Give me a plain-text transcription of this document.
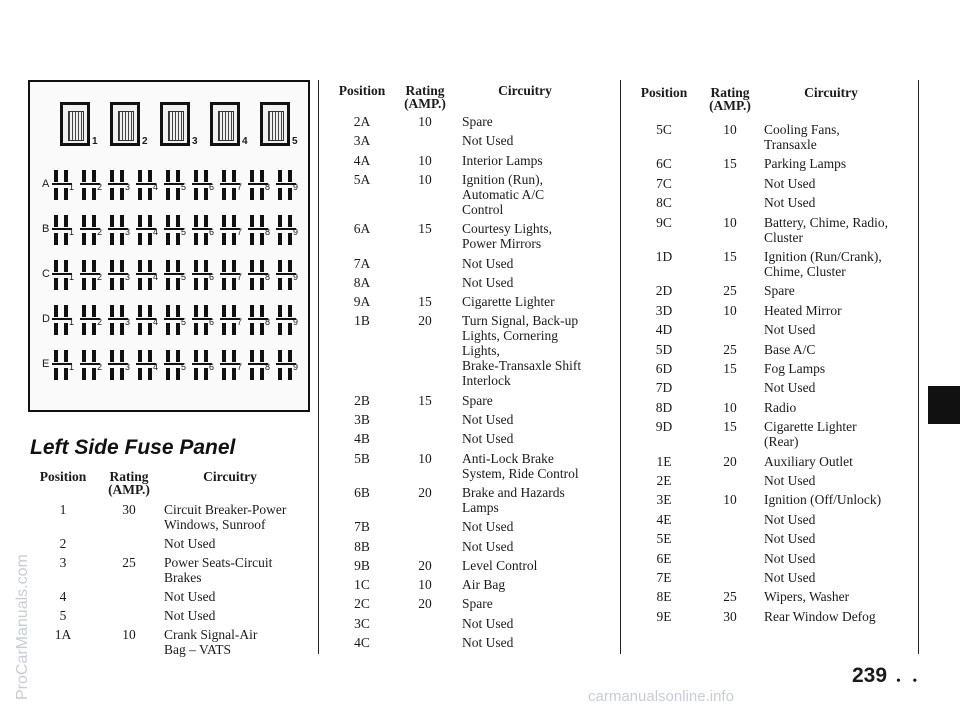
ProCarManuals.com
1	2	3	4	5
A 1	2	3	4	5	6	7	8	9
B 1	2	3	4	5	6	7	8	9
C 1	2	3	4	5	6	7	8	9
D 1	2	3	4	5	6	7	8	9
E 1	2	3	4	5	6	7	8	9
Left Side Fuse Panel
Position	Rating
(AMP.)
Circuitry
1	30	Circuit Breaker-Power
Windows, Sunroof
2	Not Used
3	25	Power Seats-Circuit
Brakes
4	Not Used
5	Not Used
1A	10	Crank Signal-Air
Bag – VATS
Position	Rating
(AMP.)
Circuitry
2A	10	Spare
3A	Not Used
4A	10	Interior Lamps
5A	10	Ignition (Run),
Automatic A/C
Control
6A	15	Courtesy Lights,
Power Mirrors
7A	Not Used
8A	Not Used
9A	15	Cigarette Lighter
1B	20	Turn Signal, Back-up
Lights, Cornering
Lights,
Brake-Transaxle Shift
Interlock
2B	15	Spare
3B	Not Used
4B	Not Used
5B	10	Anti-Lock Brake
System, Ride Control
6B	20	Brake and Hazards
Lamps
7B	Not Used
8B	Not Used
9B	20	Level Control
1C	10	Air Bag
2C	20	Spare
3C	Not Used
4C	Not Used
Position	Rating
(AMP.)
Circuitry
5C	10	Cooling Fans,
Transaxle
6C	15	Parking Lamps
7C	Not Used
8C	Not Used
9C	10	Battery, Chime, Radio,
Cluster
1D	15	Ignition (Run/Crank),
Chime, Cluster
2D	25	Spare
3D	10	Heated Mirror
4D	Not Used
5D	25	Base A/C
6D	15	Fog Lamps
7D	Not Used
8D	10	Radio
9D	15	Cigarette Lighter
(Rear)
1E	20	Auxiliary Outlet
2E	Not Used
3E	10	Ignition (Off/Unlock)
4E	Not Used
5E	Not Used
6E	Not Used
7E	Not Used
8E	25	Wipers, Washer
9E	30	Rear Window Defog
239 • •
carmanualsonline.info
